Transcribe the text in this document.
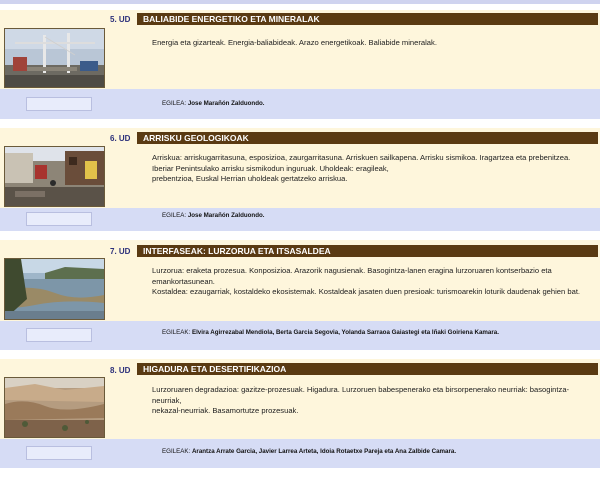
5. UD	BALIABIDE ENERGETIKO ETA MINERALAK
Energia eta gizarteak. Energia-baliabideak. Arazo energetikoak. Baliabide mineralak.
EGILEA: Jose Marañón Zalduondo.
6. UD	ARRISKU GEOLOGIKOAK
Arriskua: arriskugarritasuna, esposizioa, zaurgarritasuna. Arriskuen sailkapena. Arrisku sismikoa. Iragartzea eta prebenitzea. Iberiar Penintsulako arrisku sismikodun inguruak. Uholdeak: eragileak,
prebentzioa, Euskal Herrian uholdeak gertatzeko arriskua.
EGILEA: Jose Marañón Zalduondo.
7. UD	INTERFASEAK: LURZORUA ETA ITSASALDEA
Lurzorua: eraketa prozesua. Konposizioa. Arazorik nagusienak. Basogintza-lanen eragina lurzoruaren kontserbazio eta emankortasunean.
Kostaldea: ezaugarriak, kostaldeko ekosistemak. Kostaldeak jasaten duen presioak: turismoarekin loturik daudenak gehien bat.
EGILEAK: Elvira Agirrezabal Mendiola, Berta Garcia Segovia, Yolanda Sarraoa Gaiastegi eta Iñaki Goiriena Kamara.
8. UD	HIGADURA ETA DESERTIFIKAZIOA
Lurzoruaren degradazioa: gazitze-prozesuak. Higadura. Lurzoruen babespenerako eta birsorpenerako neurriak: basogintza-neurriak,
nekazal-neurriak. Basamortutze prozesuak.
EGILEAK: Arantza Arrate Garcia, Javier Larrea Arteta, Idoia Rotaetxe Pareja eta Ana Zalbide Camara.
